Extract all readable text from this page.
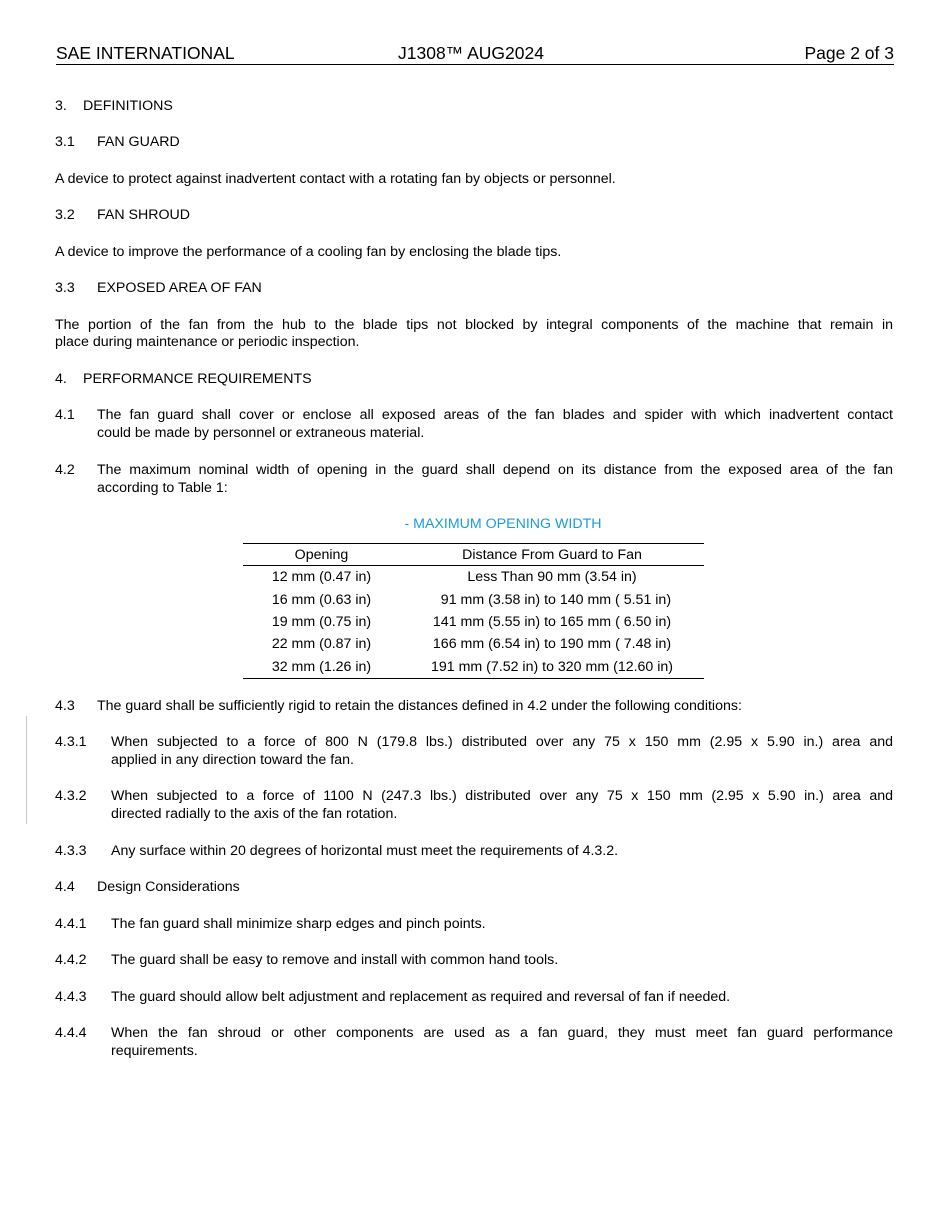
SAE INTERNATIONAL	J1308™ AUG2024	Page 2 of 3
3. DEFINITIONS
3.1 FAN GUARD
A device to protect against inadvertent contact with a rotating fan by objects or personnel.
3.2 FAN SHROUD
A device to improve the performance of a cooling fan by enclosing the blade tips.
3.3 EXPOSED AREA OF FAN
The portion of the fan from the hub to the blade tips not blocked by integral components of the machine that remain in
place during maintenance or periodic inspection.
4. PERFORMANCE REQUIREMENTS
4.1 The fan guard shall cover or enclose all exposed areas of the fan blades and spider with which inadvertent contact
could be made by personnel or extraneous material.
4.2 The maximum nominal width of opening in the guard shall depend on its distance from the exposed area of the fan
according to Table 1:
- MAXIMUM OPENING WIDTH
Opening	Distance From Guard to Fan
12 mm (0.47 in)	Less Than 90 mm (3.54 in)
16 mm (0.63 in)	91 mm (3.58 in) to 140 mm ( 5.51 in)
19 mm (0.75 in)	141 mm (5.55 in) to 165 mm ( 6.50 in)
22 mm (0.87 in)	166 mm (6.54 in) to 190 mm ( 7.48 in)
32 mm (1.26 in)	191 mm (7.52 in) to 320 mm (12.60 in)
4.3 The guard shall be sufficiently rigid to retain the distances defined in 4.2 under the following conditions:
4.3.1 When subjected to a force of 800 N (179.8 lbs.) distributed over any 75 x 150 mm (2.95 x 5.90 in.) area and
applied in any direction toward the fan.
4.3.2 When subjected to a force of 1100 N (247.3 lbs.) distributed over any 75 x 150 mm (2.95 x 5.90 in.) area and
directed radially to the axis of the fan rotation.
4.3.3 Any surface within 20 degrees of horizontal must meet the requirements of 4.3.2.
4.4 Design Considerations
4.4.1 The fan guard shall minimize sharp edges and pinch points.
4.4.2 The guard shall be easy to remove and install with common hand tools.
4.4.3 The guard should allow belt adjustment and replacement as required and reversal of fan if needed.
4.4.4 When the fan shroud or other components are used as a fan guard, they must meet fan guard performance
requirements.
